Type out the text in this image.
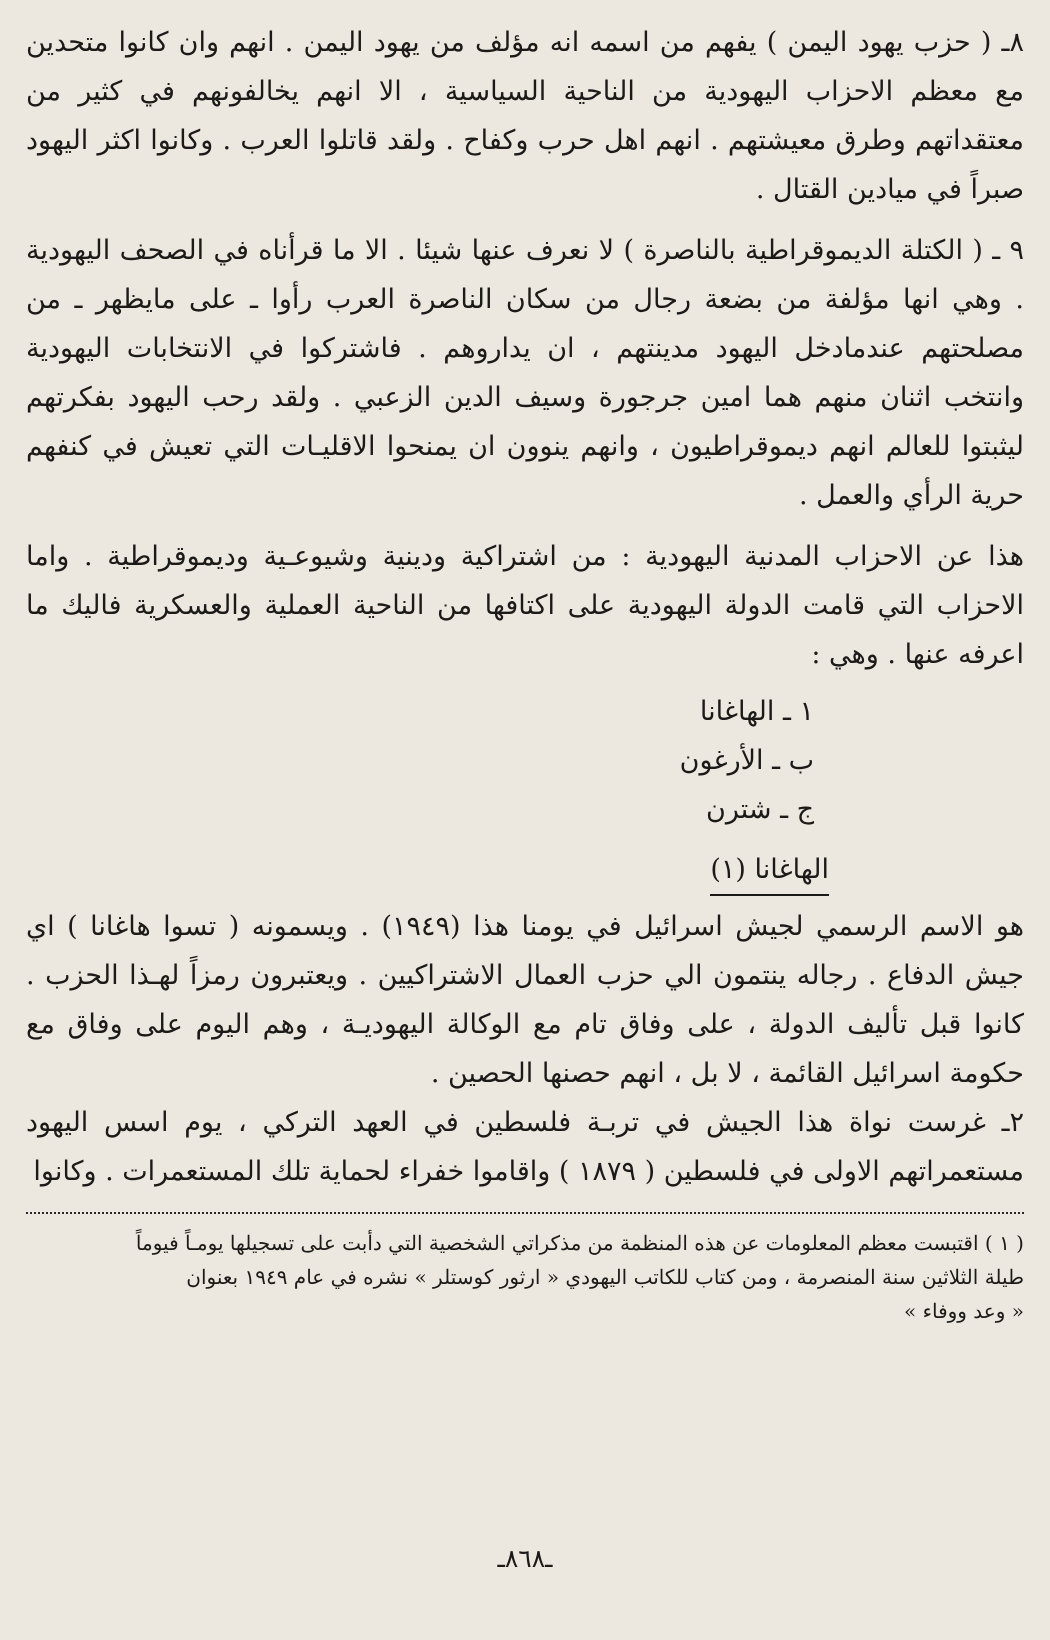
٨ـ ( حزب يهود اليمن ) يفهم من اسمه انه مؤلف من يهود اليمن . انهم وان كانوا متحدين مع معظم الاحزاب اليهودية من الناحية السياسية ، الا انهم يخالفونهم في كثير من معتقداتهم وطرق معيشتهم . انهم اهل حرب وكفاح . ولقد قاتلوا العرب . وكانوا اكثر اليهود صبراً في ميادين القتال .

٩ ـ ( الكتلة الديموقراطية بالناصرة ) لا نعرف عنها شيئا . الا ما قرأناه في الصحف اليهودية . وهي انها مؤلفة من بضعة رجال من سكان الناصرة العرب رأوا ـ على مايظهر ـ من مصلحتهم عندمادخل اليهود مدينتهم ، ان يداروهم . فاشتركوا في الانتخابات اليهودية وانتخب اثنان منهم هما امين جرجورة وسيف الدين الزعبي . ولقد رحب اليهود بفكرتهم ليثبتوا للعالم انهم ديموقراطيون ، وانهم ينوون ان يمنحوا الاقليـات التي تعيش في كنفهم حرية الرأي والعمل .

هذا عن الاحزاب المدنية اليهودية : من اشتراكية ودينية وشيوعـية وديموقراطية . واما الاحزاب التي قامت الدولة اليهودية على اكتافها من الناحية العملية والعسكرية فاليك ما اعرفه عنها . وهي :

١ ـ الهاغانا
ب ـ الأرغون
ج ـ شترن
الهاغانا (١)

هو الاسم الرسمي لجيش اسرائيل في يومنا هذا (١٩٤٩) . ويسمونه ( تسوا هاغانا ) اي جيش الدفاع . رجاله ينتمون الي حزب العمال الاشتراكيين . ويعتبرون رمزاً لهـذا الحزب . كانوا قبل تأليف الدولة ، على وفاق تام مع الوكالة اليهوديـة ، وهم اليوم على وفاق مع حكومة اسرائيل القائمة ، لا بل ، انهم حصنها الحصين .

٢ـ غرست نواة هذا الجيش في تربـة فلسطين في العهد التركي ، يوم اسس اليهود مستعمراتهم الاولى في فلسطين ( ١٨٧٩ ) واقاموا خفراء لحماية تلك المستعمرات . وكانوا

( ١ ) اقتبست معظم المعلومات عن هذه المنظمة من مذكراتي الشخصية التي دأبت على تسجيلها يومـاً فيوماً

طيلة الثلاثين سنة المنصرمة ، ومن كتاب للكاتب اليهودي « ارثور كوستلر » نشره في عام ١٩٤٩ بعنوان

« وعد ووفاء »

ـ٨٦٨ـ
